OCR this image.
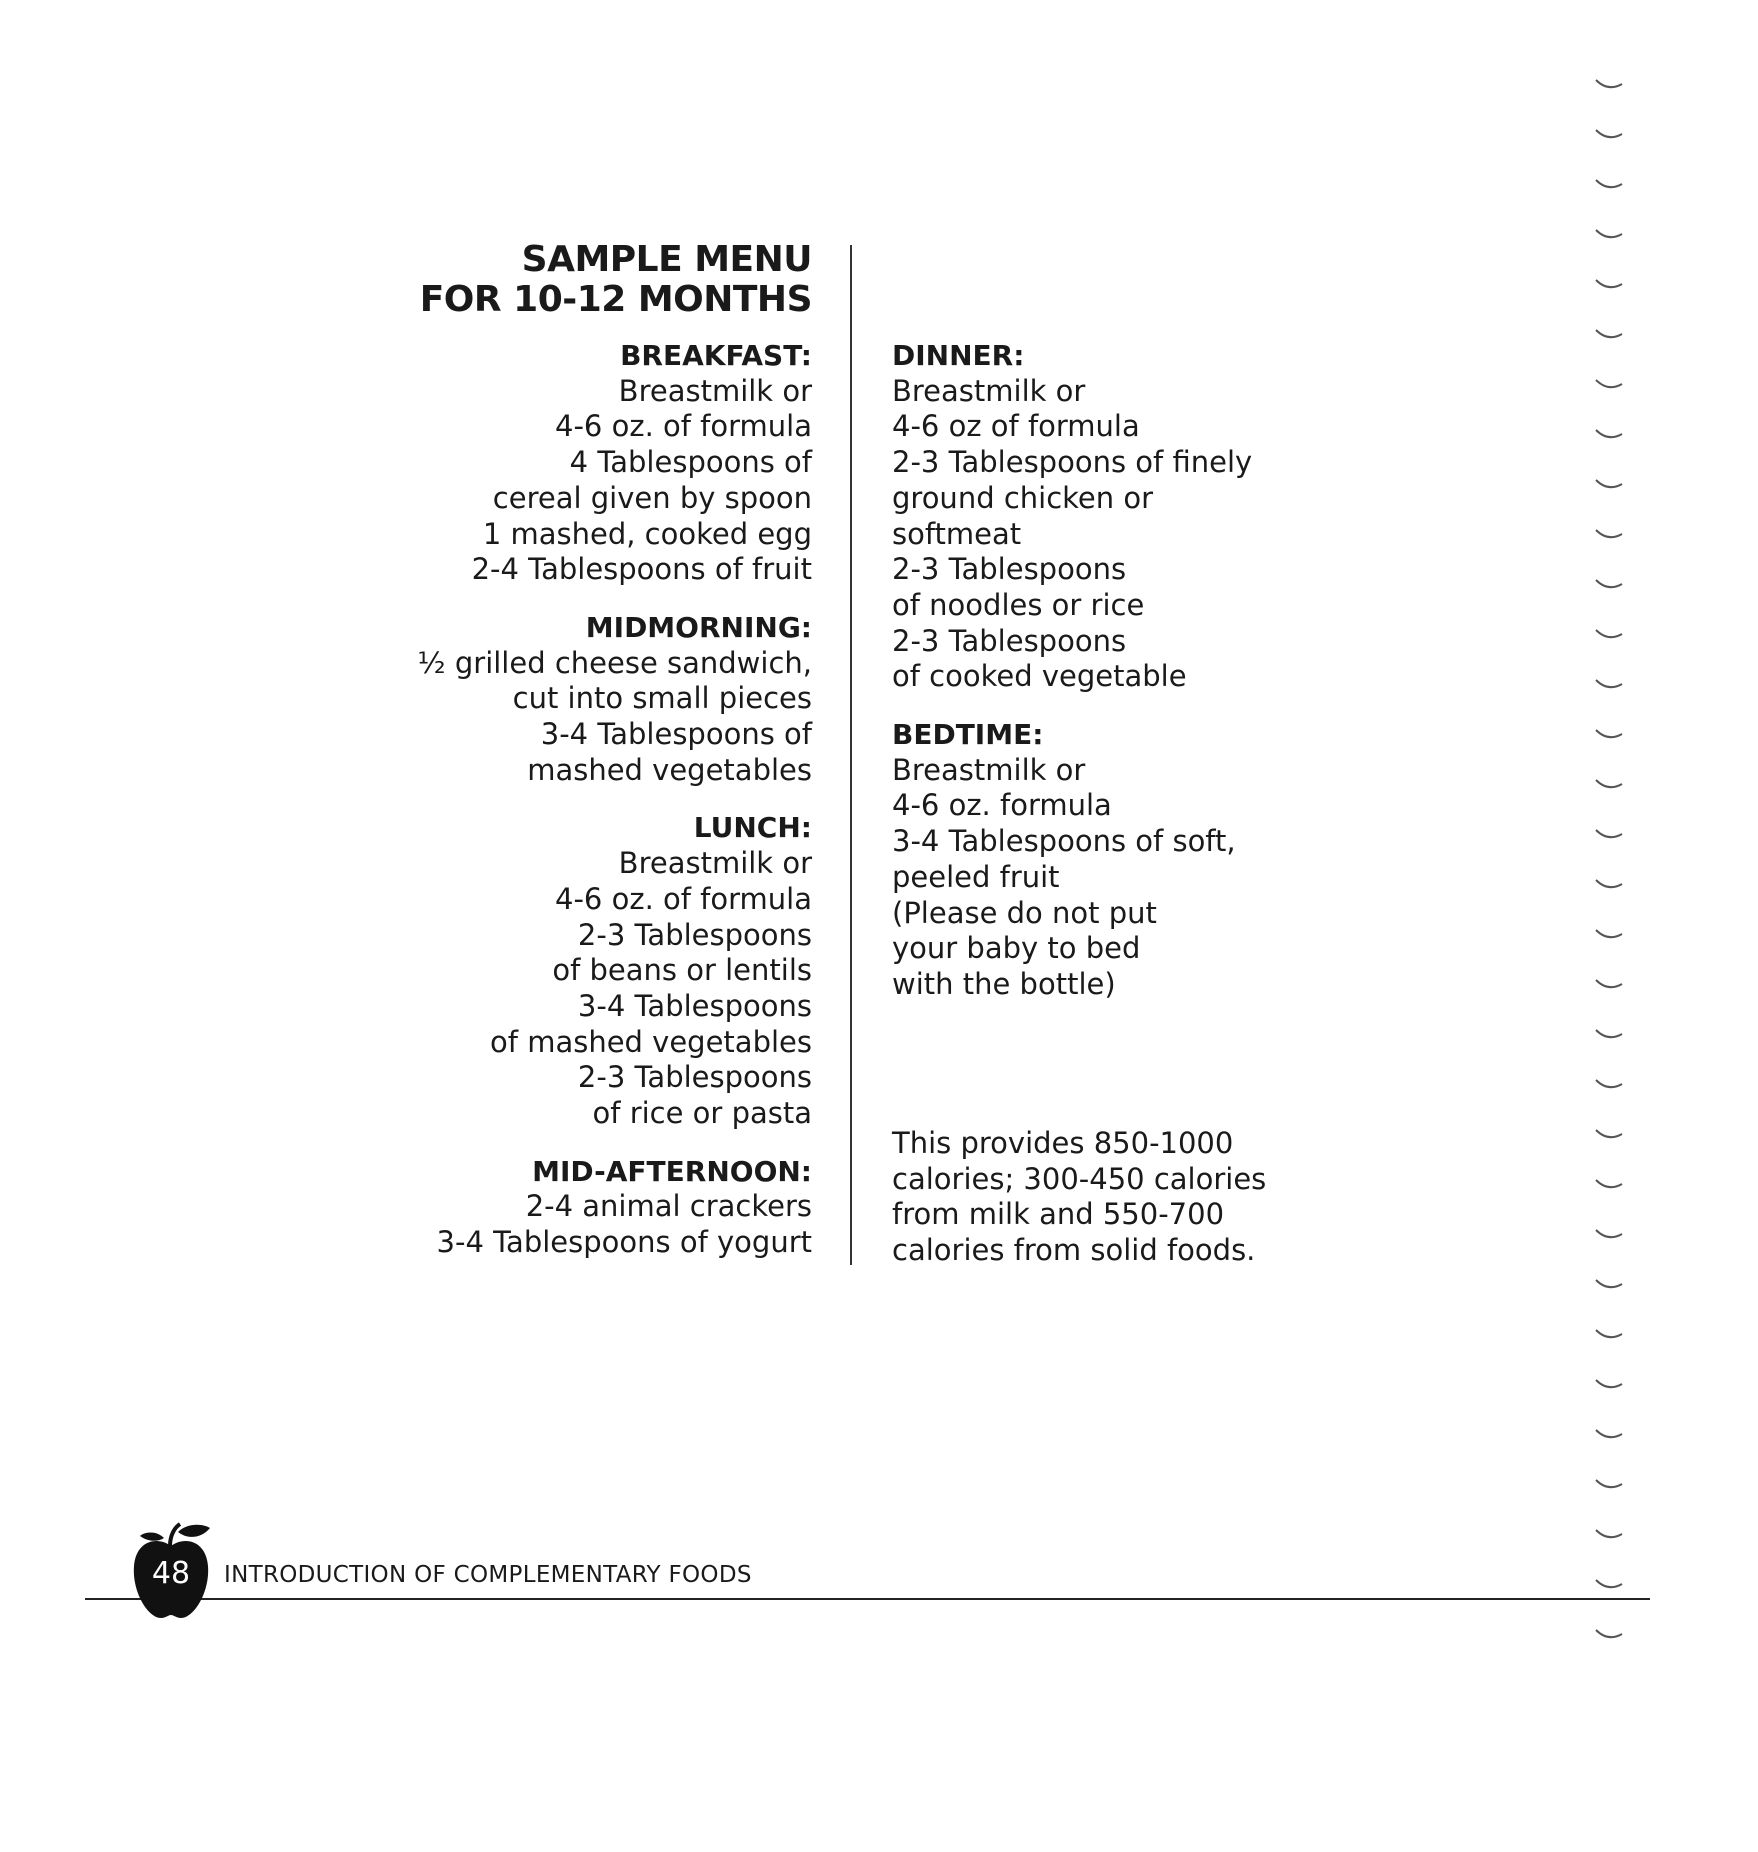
SAMPLE MENU
FOR 10-12 MONTHS
BREAKFAST:
Breastmilk or
4-6 oz. of formula
4 Tablespoons of
cereal given by spoon
1 mashed, cooked egg
2-4 Tablespoons of fruit
MIDMORNING:
½ grilled cheese sandwich,
cut into small pieces
3-4 Tablespoons of
mashed vegetables
LUNCH:
Breastmilk or
4-6 oz. of formula
2-3 Tablespoons
of beans or lentils
3-4 Tablespoons
of mashed vegetables
2-3 Tablespoons
of rice or pasta
MID-AFTERNOON:
2-4 animal crackers
3-4 Tablespoons of yogurt
DINNER:
Breastmilk or
4-6 oz of formula
2-3 Tablespoons of finely
ground chicken or
softmeat
2-3 Tablespoons
of noodles or rice
2-3 Tablespoons
of cooked vegetable
BEDTIME:
Breastmilk or
4-6 oz. formula
3-4 Tablespoons of soft,
peeled fruit
(Please do not put
your baby to bed
with the bottle)
This provides 850-1000
calories; 300-450 calories
from milk and 550-700
calories from solid foods.
48	INTRODUCTION OF COMPLEMENTARY FOODS
